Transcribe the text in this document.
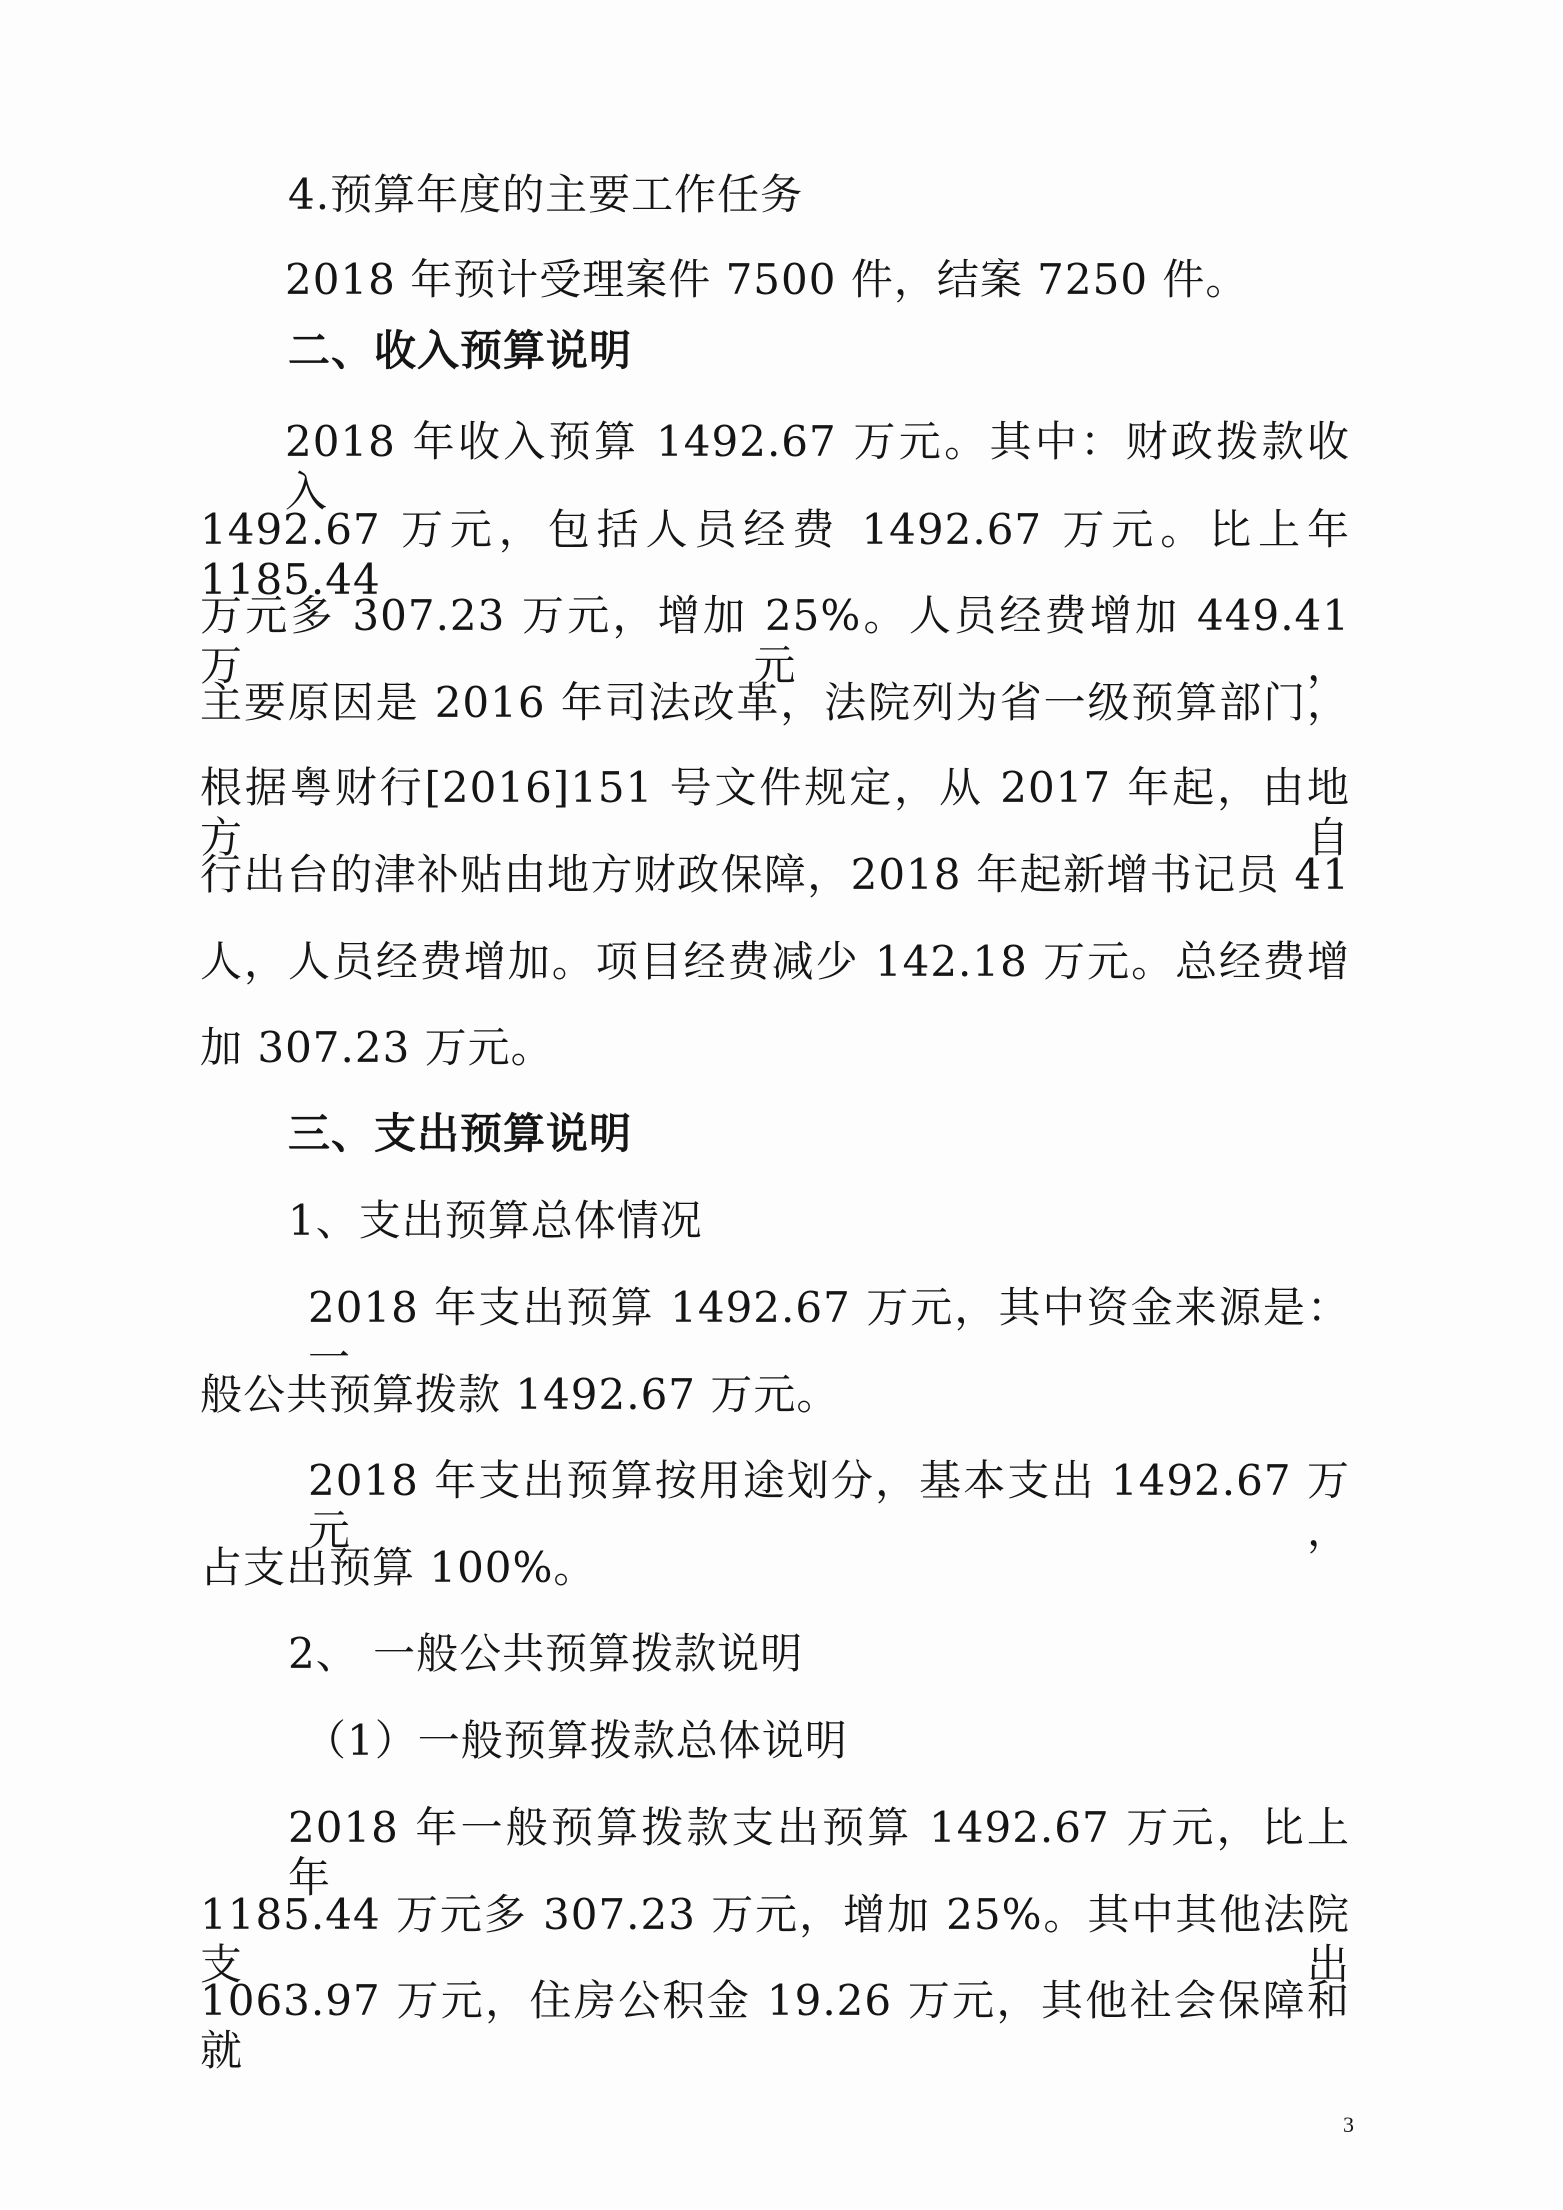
4.预算年度的主要工作任务
2018 年预计受理案件 7500 件，结案 7250 件。
二、收入预算说明
2018 年收入预算 1492.67 万元。其中：财政拨款收入
1492.67 万元，包括人员经费 1492.67 万元。比上年 1185.44
万元多 307.23 万元，增加 25%。人员经费增加 449.41 万元，
主要原因是 2016 年司法改革，法院列为省一级预算部门，
根据粤财行[2016]151 号文件规定，从 2017 年起，由地方自
行出台的津补贴由地方财政保障，2018 年起新增书记员 41
人，人员经费增加。项目经费减少 142.18 万元。总经费增
加 307.23 万元。
三、支出预算说明
1、支出预算总体情况
2018 年支出预算 1492.67 万元，其中资金来源是：一
般公共预算拨款 1492.67 万元。
2018 年支出预算按用途划分，基本支出 1492.67 万元，
占支出预算 100%。
2、 一般公共预算拨款说明
（1）一般预算拨款总体说明
2018 年一般预算拨款支出预算 1492.67 万元，比上年
1185.44 万元多 307.23 万元，增加 25%。其中其他法院支出
1063.97 万元，住房公积金 19.26 万元，其他社会保障和就
3
